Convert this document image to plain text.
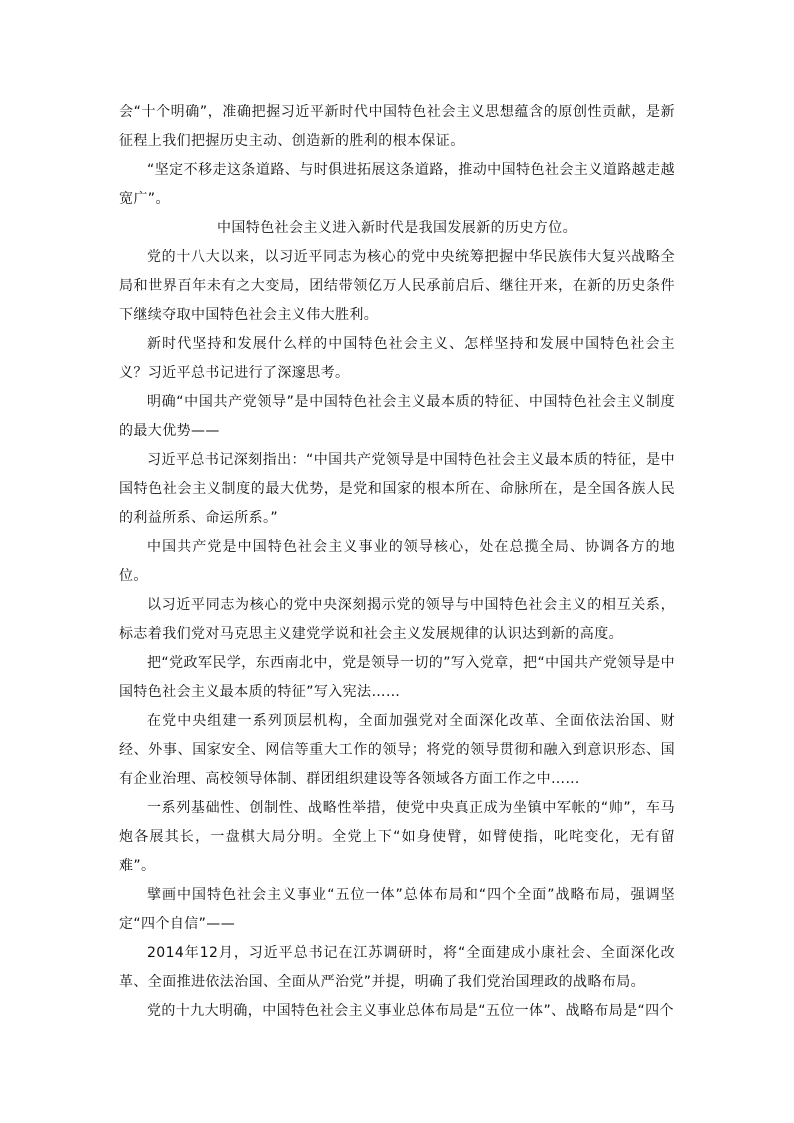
会“十个明确”，准确把握习近平新时代中国特色社会主义思想蕴含的原创性贡献，是新征程上我们把握历史主动、创造新的胜利的根本保证。

“坚定不移走这条道路、与时俱进拓展这条道路，推动中国特色社会主义道路越走越宽广”。

中国特色社会主义进入新时代是我国发展新的历史方位。

党的十八大以来，以习近平同志为核心的党中央统筹把握中华民族伟大复兴战略全局和世界百年未有之大变局，团结带领亿万人民承前启后、继往开来，在新的历史条件下继续夺取中国特色社会主义伟大胜利。

新时代坚持和发展什么样的中国特色社会主义、怎样坚持和发展中国特色社会主义？习近平总书记进行了深邃思考。

明确“中国共产党领导”是中国特色社会主义最本质的特征、中国特色社会主义制度的最大优势——

习近平总书记深刻指出：“中国共产党领导是中国特色社会主义最本质的特征，是中国特色社会主义制度的最大优势，是党和国家的根本所在、命脉所在，是全国各族人民的利益所系、命运所系。”

中国共产党是中国特色社会主义事业的领导核心，处在总揽全局、协调各方的地位。

以习近平同志为核心的党中央深刻揭示党的领导与中国特色社会主义的相互关系，标志着我们党对马克思主义建党学说和社会主义发展规律的认识达到新的高度。

把“党政军民学，东西南北中，党是领导一切的”写入党章，把“中国共产党领导是中国特色社会主义最本质的特征”写入宪法……

在党中央组建一系列顶层机构，全面加强党对全面深化改革、全面依法治国、财经、外事、国家安全、网信等重大工作的领导；将党的领导贯彻和融入到意识形态、国有企业治理、高校领导体制、群团组织建设等各领域各方面工作之中……

一系列基础性、创制性、战略性举措，使党中央真正成为坐镇中军帐的“帅”，车马炮各展其长，一盘棋大局分明。全党上下“如身使臂，如臂使指，叱咤变化，无有留难”。

擘画中国特色社会主义事业“五位一体”总体布局和“四个全面”战略布局，强调坚定“四个自信”——

2014年12月，习近平总书记在江苏调研时，将“全面建成小康社会、全面深化改革、全面推进依法治国、全面从严治党”并提，明确了我们党治国理政的战略布局。

党的十九大明确，中国特色社会主义事业总体布局是“五位一体”、战略布局是“四个
